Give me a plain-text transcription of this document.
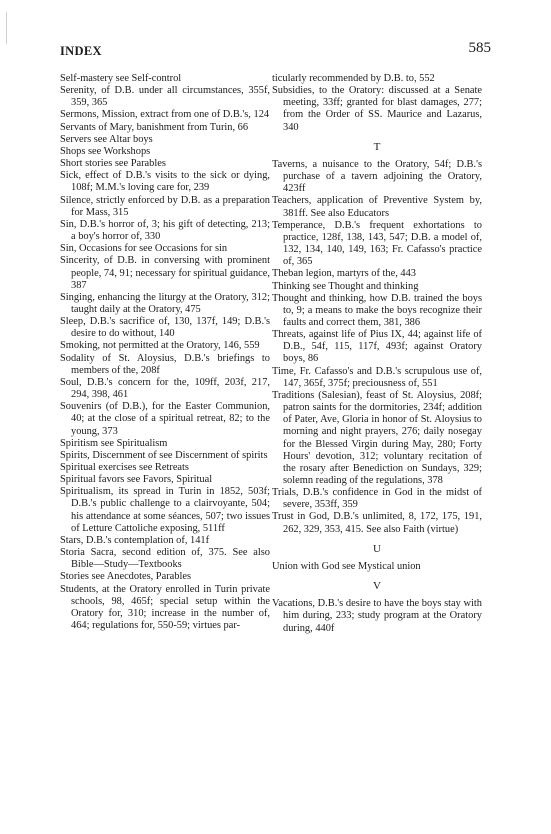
INDEX	585

Self-mastery see Self-control

Serenity, of D.B. under all circumstances, 355f, 359, 365

Sermons, Mission, extract from one of D.B.'s, 124

Servants of Mary, banishment from Turin, 66

Servers see Altar boys

Shops see Workshops

Short stories see Parables

Sick, effect of D.B.'s visits to the sick or dying, 108f; M.M.'s loving care for, 239

Silence, strictly enforced by D.B. as a preparation for Mass, 315

Sin, D.B.'s horror of, 3; his gift of detecting, 213; a boy's horror of, 330

Sin, Occasions for see Occasions for sin

Sincerity, of D.B. in conversing with prominent people, 74, 91; necessary for spiritual guidance, 387

Singing, enhancing the liturgy at the Oratory, 312; taught daily at the Oratory, 475

Sleep, D.B.'s sacrifice of, 130, 137f, 149; D.B.'s desire to do without, 140

Smoking, not permitted at the Oratory, 146, 559

Sodality of St. Aloysius, D.B.'s briefings to members of the, 208f

Soul, D.B.'s concern for the, 109ff, 203f, 217, 294, 398, 461

Souvenirs (of D.B.), for the Easter Communion, 40; at the close of a spiritual retreat, 82; to the young, 373

Spiritism see Spiritualism

Spirits, Discernment of see Discernment of spirits

Spiritual exercises see Retreats

Spiritual favors see Favors, Spiritual

Spiritualism, its spread in Turin in 1852, 503f; D.B.'s public challenge to a clairvoyante, 504; his attendance at some séances, 507; two issues of Letture Cattoliche exposing, 511ff

Stars, D.B.'s contemplation of, 141f

Storia Sacra, second edition of, 375. See also Bible—Study—Textbooks

Stories see Anecdotes, Parables

Students, at the Oratory enrolled in Turin private schools, 98, 465f; special setup within the Oratory for, 310; increase in the number of, 464; regulations for, 550-59; virtues par-

ticularly recommended by D.B. to, 552

Subsidies, to the Oratory: discussed at a Senate meeting, 33ff; granted for blast damages, 277; from the Order of SS. Maurice and Lazarus, 340

T

Taverns, a nuisance to the Oratory, 54f; D.B.'s purchase of a tavern adjoining the Oratory, 423ff

Teachers, application of Preventive System by, 381ff. See also Educators

Temperance, D.B.'s frequent exhortations to practice, 128f, 138, 143, 547; D.B. a model of, 132, 134, 140, 149, 163; Fr. Cafasso's practice of, 365

Theban legion, martyrs of the, 443

Thinking see Thought and thinking

Thought and thinking, how D.B. trained the boys to, 9; a means to make the boys recognize their faults and correct them, 381, 386

Threats, against life of Pius IX, 44; against life of D.B., 54f, 115, 117f, 493f; against Oratory boys, 86

Time, Fr. Cafasso's and D.B.'s scrupulous use of, 147, 365f, 375f; preciousness of, 551

Traditions (Salesian), feast of St. Aloysius, 208f; patron saints for the dormitories, 234f; addition of Pater, Ave, Gloria in honor of St. Aloysius to morning and night prayers, 276; daily nosegay for the Blessed Virgin during May, 280; Forty Hours' devotion, 312; voluntary recitation of the rosary after Benediction on Sundays, 329; solemn reading of the regulations, 378

Trials, D.B.'s confidence in God in the midst of severe, 353ff, 359

Trust in God, D.B.'s unlimited, 8, 172, 175, 191, 262, 329, 353, 415. See also Faith (virtue)

U

Union with God see Mystical union

V

Vacations, D.B.'s desire to have the boys stay with him during, 233; study program at the Oratory during, 440f
